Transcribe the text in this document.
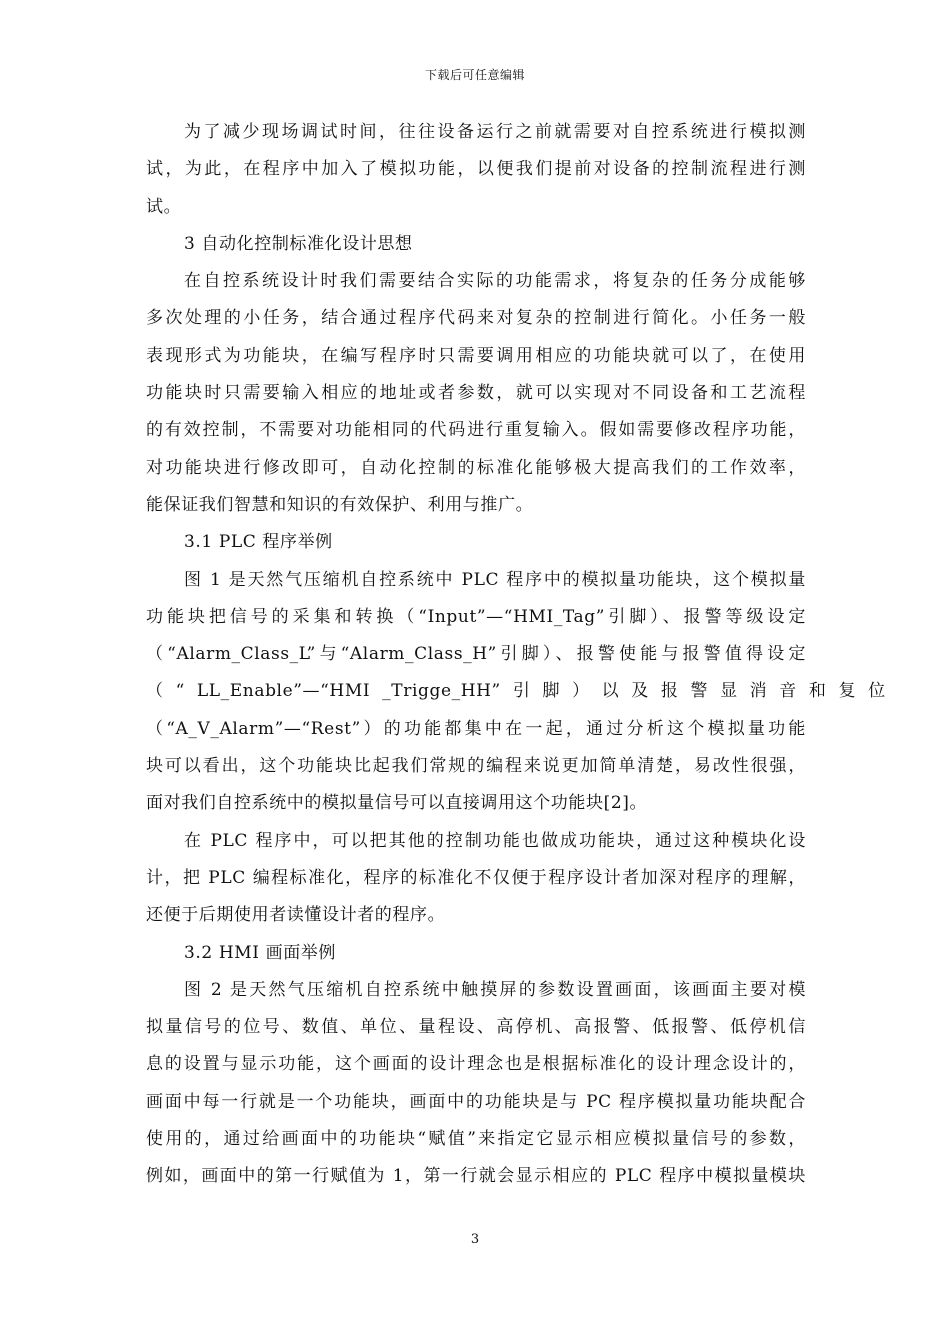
下载后可任意编辑
为了减少现场调试时间，往往设备运行之前就需要对自控系统进行模拟测
试，为此，在程序中加入了模拟功能，以便我们提前对设备的控制流程进行测
试。
3 自动化控制标准化设计思想
在自控系统设计时我们需要结合实际的功能需求，将复杂的任务分成能够
多次处理的小任务，结合通过程序代码来对复杂的控制进行简化。小任务一般
表现形式为功能块，在编写程序时只需要调用相应的功能块就可以了，在使用
功能块时只需要输入相应的地址或者参数，就可以实现对不同设备和工艺流程
的有效控制，不需要对功能相同的代码进行重复输入。假如需要修改程序功能，
对功能块进行修改即可，自动化控制的标准化能够极大提高我们的工作效率，
能保证我们智慧和知识的有效保护、利用与推广。
3.1 PLC 程序举例
图 1 是天然气压缩机自控系统中 PLC 程序中的模拟量功能块，这个模拟量
功能块把信号的采集和转换（“Input”—“HMI_Tag”引脚）、报警等级设定
（“Alarm_Class_L”与“Alarm_Class_H”引脚）、报警使能与报警值得设定
（ “ LL_Enable”—“HMI _Trigge_HH” 引 脚 ） 以 及 报 警 显 消 音 和 复 位
（“A_V_Alarm”—“Rest”）的功能都集中在一起，通过分析这个模拟量功能
块可以看出，这个功能块比起我们常规的编程来说更加简单清楚，易改性很强，
面对我们自控系统中的模拟量信号可以直接调用这个功能块[2]。
在 PLC 程序中，可以把其他的控制功能也做成功能块，通过这种模块化设
计，把 PLC 编程标准化，程序的标准化不仅便于程序设计者加深对程序的理解，
还便于后期使用者读懂设计者的程序。
3.2 HMI 画面举例
图 2 是天然气压缩机自控系统中触摸屏的参数设置画面，该画面主要对模
拟量信号的位号、数值、单位、量程设、高停机、高报警、低报警、低停机信
息的设置与显示功能，这个画面的设计理念也是根据标准化的设计理念设计的，
画面中每一行就是一个功能块，画面中的功能块是与 PC 程序模拟量功能块配合
使用的，通过给画面中的功能块“赋值”来指定它显示相应模拟量信号的参数，
例如，画面中的第一行赋值为 1，第一行就会显示相应的 PLC 程序中模拟量模块
3
